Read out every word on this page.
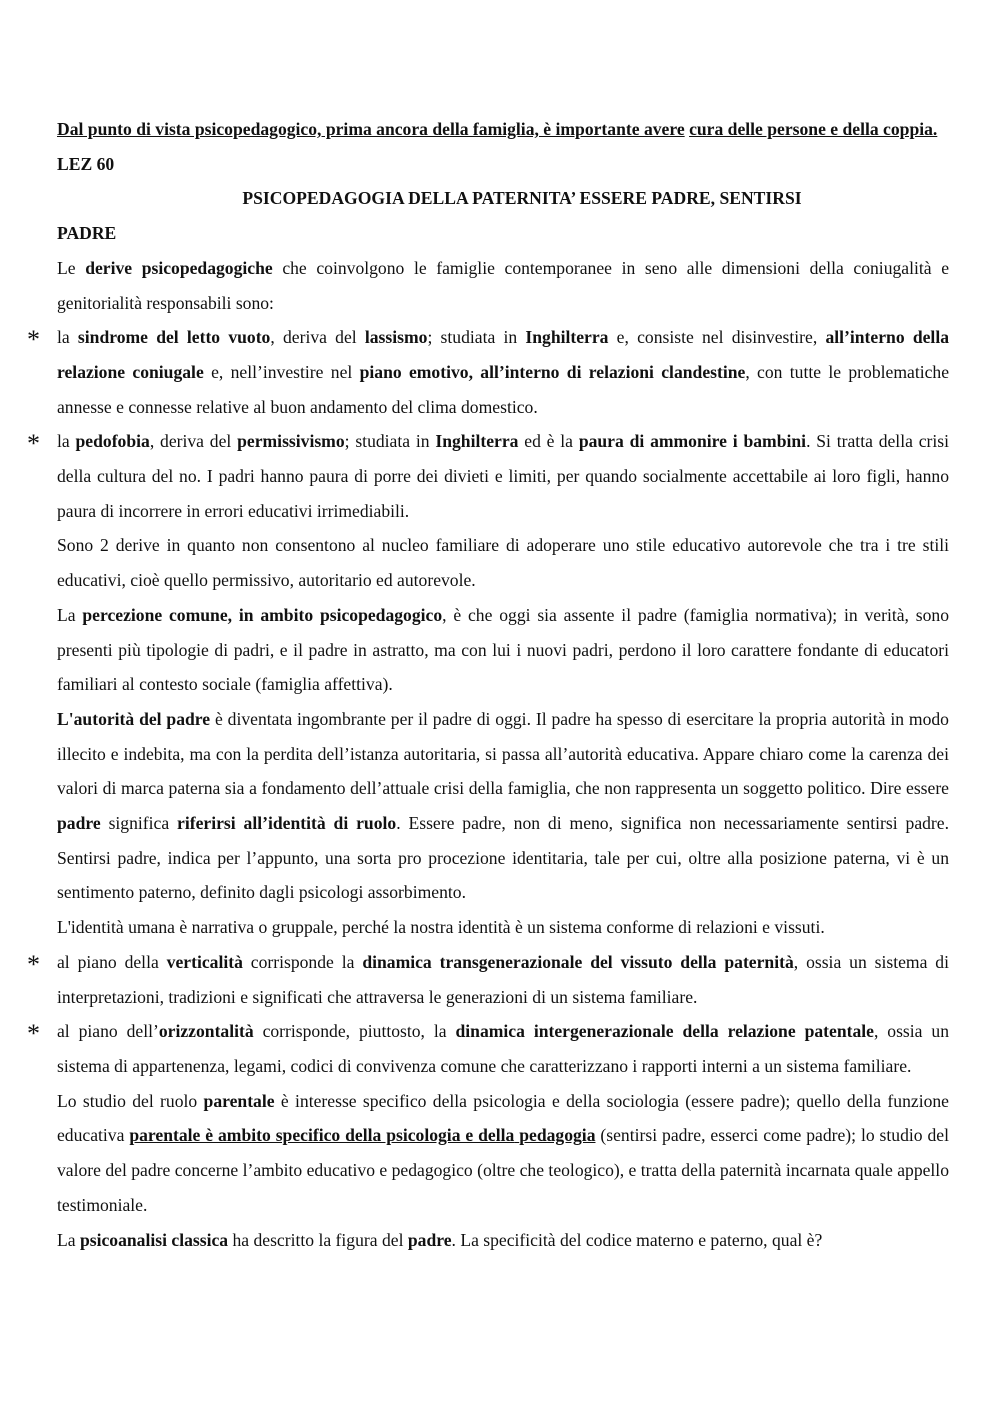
Dal punto di vista psicopedagogico, prima ancora della famiglia, è importante avere cura delle persone e della coppia.

LEZ 60

PSICOPEDAGOGIA DELLA PATERNITA’ ESSERE PADRE, SENTIRSI

PADRE

Le derive psicopedagogiche che coinvolgono le famiglie contemporanee in seno alle dimensioni della coniugalità e genitorialità responsabili sono:

* la sindrome del letto vuoto, deriva del lassismo; studiata in Inghilterra e, consiste nel disinvestire, all’interno della relazione coniugale e, nell’investire nel piano emotivo, all’interno di relazioni clandestine, con tutte le problematiche annesse e connesse relative al buon andamento del clima domestico.

* la pedofobia, deriva del permissivismo; studiata in Inghilterra ed è la paura di ammonire i bambini. Si tratta della crisi della cultura del no. I padri hanno paura di porre dei divieti e limiti, per quando socialmente accettabile ai loro figli, hanno paura di incorrere in errori educativi irrimediabili.

Sono 2 derive in quanto non consentono al nucleo familiare di adoperare uno stile educativo autorevole che tra i tre stili educativi, cioè quello permissivo, autoritario ed autorevole.

La percezione comune, in ambito psicopedagogico, è che oggi sia assente il padre (famiglia normativa); in verità, sono presenti più tipologie di padri, e il padre in astratto, ma con lui i nuovi padri, perdono il loro carattere fondante di educatori familiari al contesto sociale (famiglia affettiva).

L'autorità del padre è diventata ingombrante per il padre di oggi. Il padre ha spesso di esercitare la propria autorità in modo illecito e indebita, ma con la perdita dell’istanza autoritaria, si passa all’autorità educativa. Appare chiaro come la carenza dei valori di marca paterna sia a fondamento dell’attuale crisi della famiglia, che non rappresenta un soggetto politico. Dire essere padre significa riferirsi all’identità di ruolo. Essere padre, non di meno, significa non necessariamente sentirsi padre. Sentirsi padre, indica per l’appunto, una sorta pro procezione identitaria, tale per cui, oltre alla posizione paterna, vi è un sentimento paterno, definito dagli psicologi assorbimento.

L'identità umana è narrativa o gruppale, perché la nostra identità è un sistema conforme di relazioni e vissuti.

* al piano della verticalità corrisponde la dinamica transgenerazionale del vissuto della paternità, ossia un sistema di interpretazioni, tradizioni e significati che attraversa le generazioni di un sistema familiare.

* al piano dell’orizzontalità corrisponde, piuttosto, la dinamica intergenerazionale della relazione patentale, ossia un sistema di appartenenza, legami, codici di convivenza comune che caratterizzano i rapporti interni a un sistema familiare.

Lo studio del ruolo parentale è interesse specifico della psicologia e della sociologia (essere padre); quello della funzione educativa parentale è ambito specifico della psicologia e della pedagogia (sentirsi padre, esserci come padre); lo studio del valore del padre concerne l’ambito educativo e pedagogico (oltre che teologico), e tratta della paternità incarnata quale appello testimoniale.

La psicoanalisi classica ha descritto la figura del padre. La specificità del codice materno e paterno, qual è?
